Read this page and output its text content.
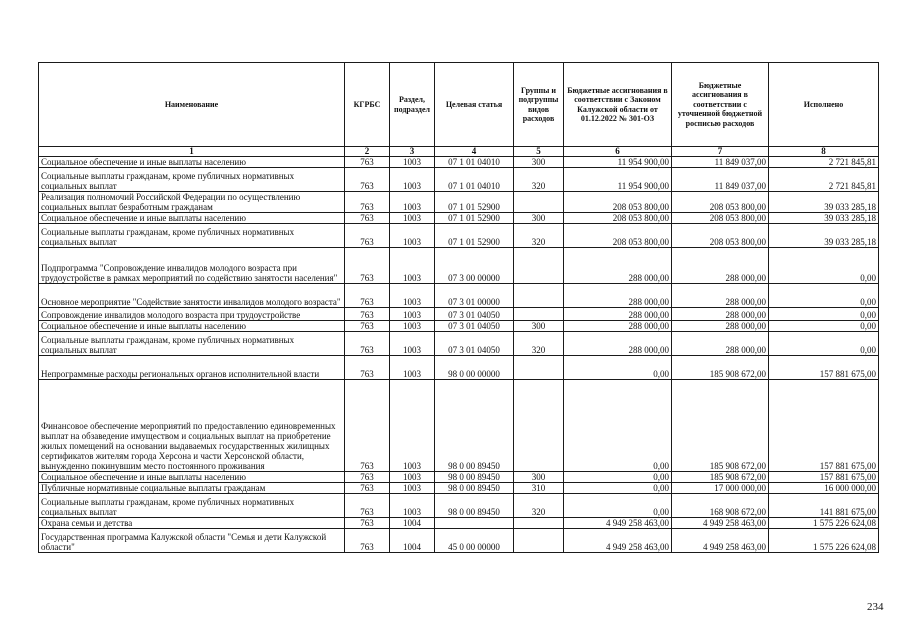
Наименование	КГРБС	Раздел, подраздел	Целевая статья	Группы и подгруппы видов расходов	Бюджетные ассигнования в соответствии с Законом Калужской области от 01.12.2022 № 301-ОЗ	Бюджетные ассигнования в соответствии с уточненной бюджетной росписью расходов	Исполнено
1	2	3	4	5	6	7	8
Социальное обеспечение и иные выплаты населению	763	1003	07 1 01 04010	300	11 954 900,00	11 849 037,00	2 721 845,81
Социальные выплаты гражданам, кроме публичных нормативных социальных выплат	763	1003	07 1 01 04010	320	11 954 900,00	11 849 037,00	2 721 845,81
Реализация полномочий Российской Федерации по осуществлению социальных выплат безработным гражданам	763	1003	07 1 01 52900		208 053 800,00	208 053 800,00	39 033 285,18
Социальное обеспечение и иные выплаты населению	763	1003	07 1 01 52900	300	208 053 800,00	208 053 800,00	39 033 285,18
Социальные выплаты гражданам, кроме публичных нормативных социальных выплат	763	1003	07 1 01 52900	320	208 053 800,00	208 053 800,00	39 033 285,18
Подпрограмма "Сопровождение инвалидов молодого возраста при трудоустройстве в рамках мероприятий по содействию занятости населения"	763	1003	07 3 00 00000		288 000,00	288 000,00	0,00
Основное мероприятие "Содействие занятости инвалидов молодого возраста"	763	1003	07 3 01 00000		288 000,00	288 000,00	0,00
Сопровождение инвалидов молодого возраста при трудоустройстве	763	1003	07 3 01 04050		288 000,00	288 000,00	0,00
Социальное обеспечение и иные выплаты населению	763	1003	07 3 01 04050	300	288 000,00	288 000,00	0,00
Социальные выплаты гражданам, кроме публичных нормативных социальных выплат	763	1003	07 3 01 04050	320	288 000,00	288 000,00	0,00
Непрограммные расходы региональных органов исполнительной власти	763	1003	98 0 00 00000		0,00	185 908 672,00	157 881 675,00
Финансовое обеспечение мероприятий по предоставлению единовременных выплат на обзаведение имуществом и социальных выплат на приобретение жилых помещений на основании выдаваемых государственных жилищных сертификатов жителям города Херсона и части Херсонской области, вынужденно покинувшим место постоянного проживания	763	1003	98 0 00 89450		0,00	185 908 672,00	157 881 675,00
Социальное обеспечение и иные выплаты населению	763	1003	98 0 00 89450	300	0,00	185 908 672,00	157 881 675,00
Публичные нормативные социальные выплаты гражданам	763	1003	98 0 00 89450	310	0,00	17 000 000,00	16 000 000,00
Социальные выплаты гражданам, кроме публичных нормативных социальных выплат	763	1003	98 0 00 89450	320	0,00	168 908 672,00	141 881 675,00
Охрана семьи и детства	763	1004			4 949 258 463,00	4 949 258 463,00	1 575 226 624,08
Государственная программа Калужской области "Семья и дети Калужской области"	763	1004	45 0 00 00000		4 949 258 463,00	4 949 258 463,00	1 575 226 624,08
234
